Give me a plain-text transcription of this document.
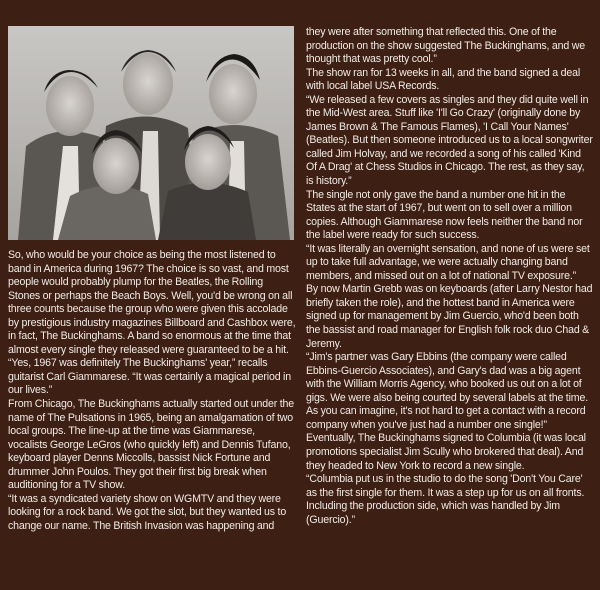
So, who would be your choice as being the most listened to band in America during 1967? The choice is so vast, and most people would probably plump for the Beatles, the Rolling Stones or perhaps the Beach Boys. Well, you'd be wrong on all three counts because the group who were given this accolade by prestigious industry magazines Billboard and Cashbox were, in fact, The Buckinghams. A band so enormous at the time that almost every single they released were guaranteed to be a hit.

“Yes, 1967 was definitely The Buckinghams' year,” recalls guitarist Carl Giammarese. “It was certainly a magical period in our lives.”

From Chicago, The Buckinghams actually started out under the name of The Pulsations in 1965, being an amalgamation of two local groups. The line-up at the time was Giammarese, vocalists George LeGros (who quickly left) and Dennis Tufano, keyboard player Denns Miccolls, bassist Nick Fortune and drummer John Poulos. They got their first big break when auditioning for a TV show.

“It was a syndicated variety show on WGMTV and they were looking for a rock band. We got the slot, but they wanted us to change our name. The British Invasion was happening and

they were after something that reflected this. One of the production on the show suggested The Buckinghams, and we thought that was pretty cool.”

The show ran for 13 weeks in all, and the band signed a deal with local label USA Records.

“We released a few covers as singles and they did quite well in the Mid-West area. Stuff like 'I'll Go Crazy' (originally done by James Brown & The Famous Flames), 'I Call Your Names' (Beatles). But then someone introduced us to a local songwriter called Jim Holvay, and we recorded a song of his called 'Kind Of A Drag' at Chess Studios in Chicago. The rest, as they say, is history.”

The single not only gave the band a number one hit in the States at the start of 1967, but went on to sell over a million copies. Although Giammarese now feels neither the band nor the label were ready for such success.

“It was literally an overnight sensation, and none of us were set up to take full advantage, we were actually changing band members, and missed out on a lot of national TV exposure.”

By now Martin Grebb was on keyboards (after Larry Nestor had briefly taken the role), and the hottest band in America were signed up for management by Jim Guercio, who'd been both the bassist and road manager for English folk rock duo Chad & Jeremy.

“Jim's partner was Gary Ebbins (the company were called Ebbins-Guercio Associates), and Gary's dad was a big agent with the William Morris Agency, who booked us out on a lot of gigs. We were also being courted by several labels at the time. As you can imagine, it's not hard to get a contact with a record company when you've just had a number one single!”

Eventually, The Buckinghams signed to Columbia (it was local promotions specialist Jim Scully who brokered that deal). And they headed to New York to record a new single.

“Columbia put us in the studio to do the song 'Don't You Care' as the first single for them. It was a step up for us on all fronts. Including the production side, which was handled by Jim (Guercio).”
